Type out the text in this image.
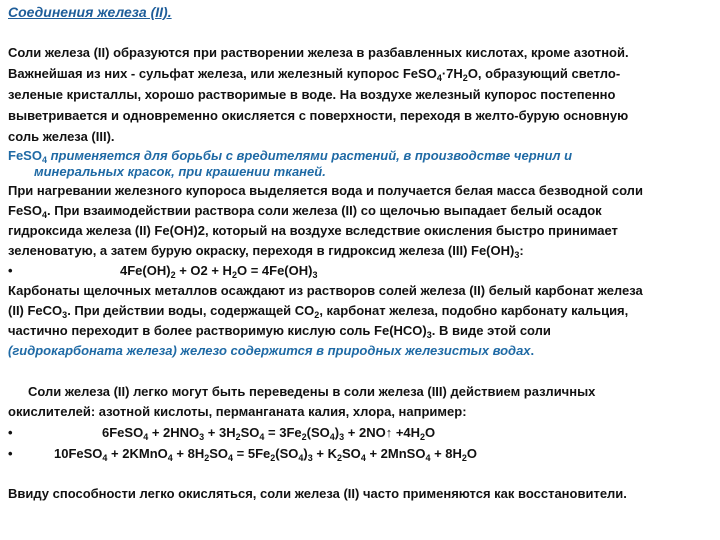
Соединения железа (II).
Соли железа (II) образуются при растворении железа в разбавленных кислотах, кроме азотной.
Важнейшая из них - сульфат железа, или железный купорос $FeSO_4\cdot 7H_2O$, образующий светло-
зеленые кристаллы, хорошо растворимые в воде. На воздухе железный купорос постепенно
выветривается и одновременно окисляется с поверхности, переходя в желто-бурую основную
соль железа (III).
FeSO$_4$ применяется для борьбы с вредителями растений, в производстве чернил и
минеральных красок, при крашении тканей.
При нагревании железного купороса выделяется вода и получается белая масса безводной соли
FeSO$_4$. При взаимодействии раствора соли железа (II) со щелочью выпадает белый осадок
гидроксида железа (II) Fe(OH)2, который на воздухе вследствие окисления быстро принимает
зеленоватую, а затем бурую окраску, переходя в гидроксид железа (III) $Fe(OH)_3$:
•	$4Fe(OH)_2 + O2 + H_2O = 4Fe(OH)_3$
Карбонаты щелочных металлов осаждают из растворов солей железа (II) белый карбонат железа
(II) FeCO$_3$. При действии воды, содержащей $CO_2$, карбонат железа, подобно карбонату кальция,
частично переходит в более растворимую кислую соль $Fe(HCO)_3$. В виде этой соли
(гидрокарбоната железа) железо содержится в природных железистых водах.
Соли железа (II) легко могут быть переведены в соли железа (III) действием различных
окислителей: азотной кислоты, перманганата калия, хлора, например:
•	6FeSO$_4$ + $2HNO_3 + 3H_2SO_4 = 3Fe_2(SO_4)_3$ + 2NO↑ $+4H_2O$
•	10FeSO$_4$ + 2KMnO$_4$ + $8H_2SO_4 = 5Fe_2(SO_4)_3 + K_2SO_4$ + 2MnSO$_4$ + $8H_2O$
Ввиду способности легко окисляться, соли железа (II) часто применяются как восстановители.
